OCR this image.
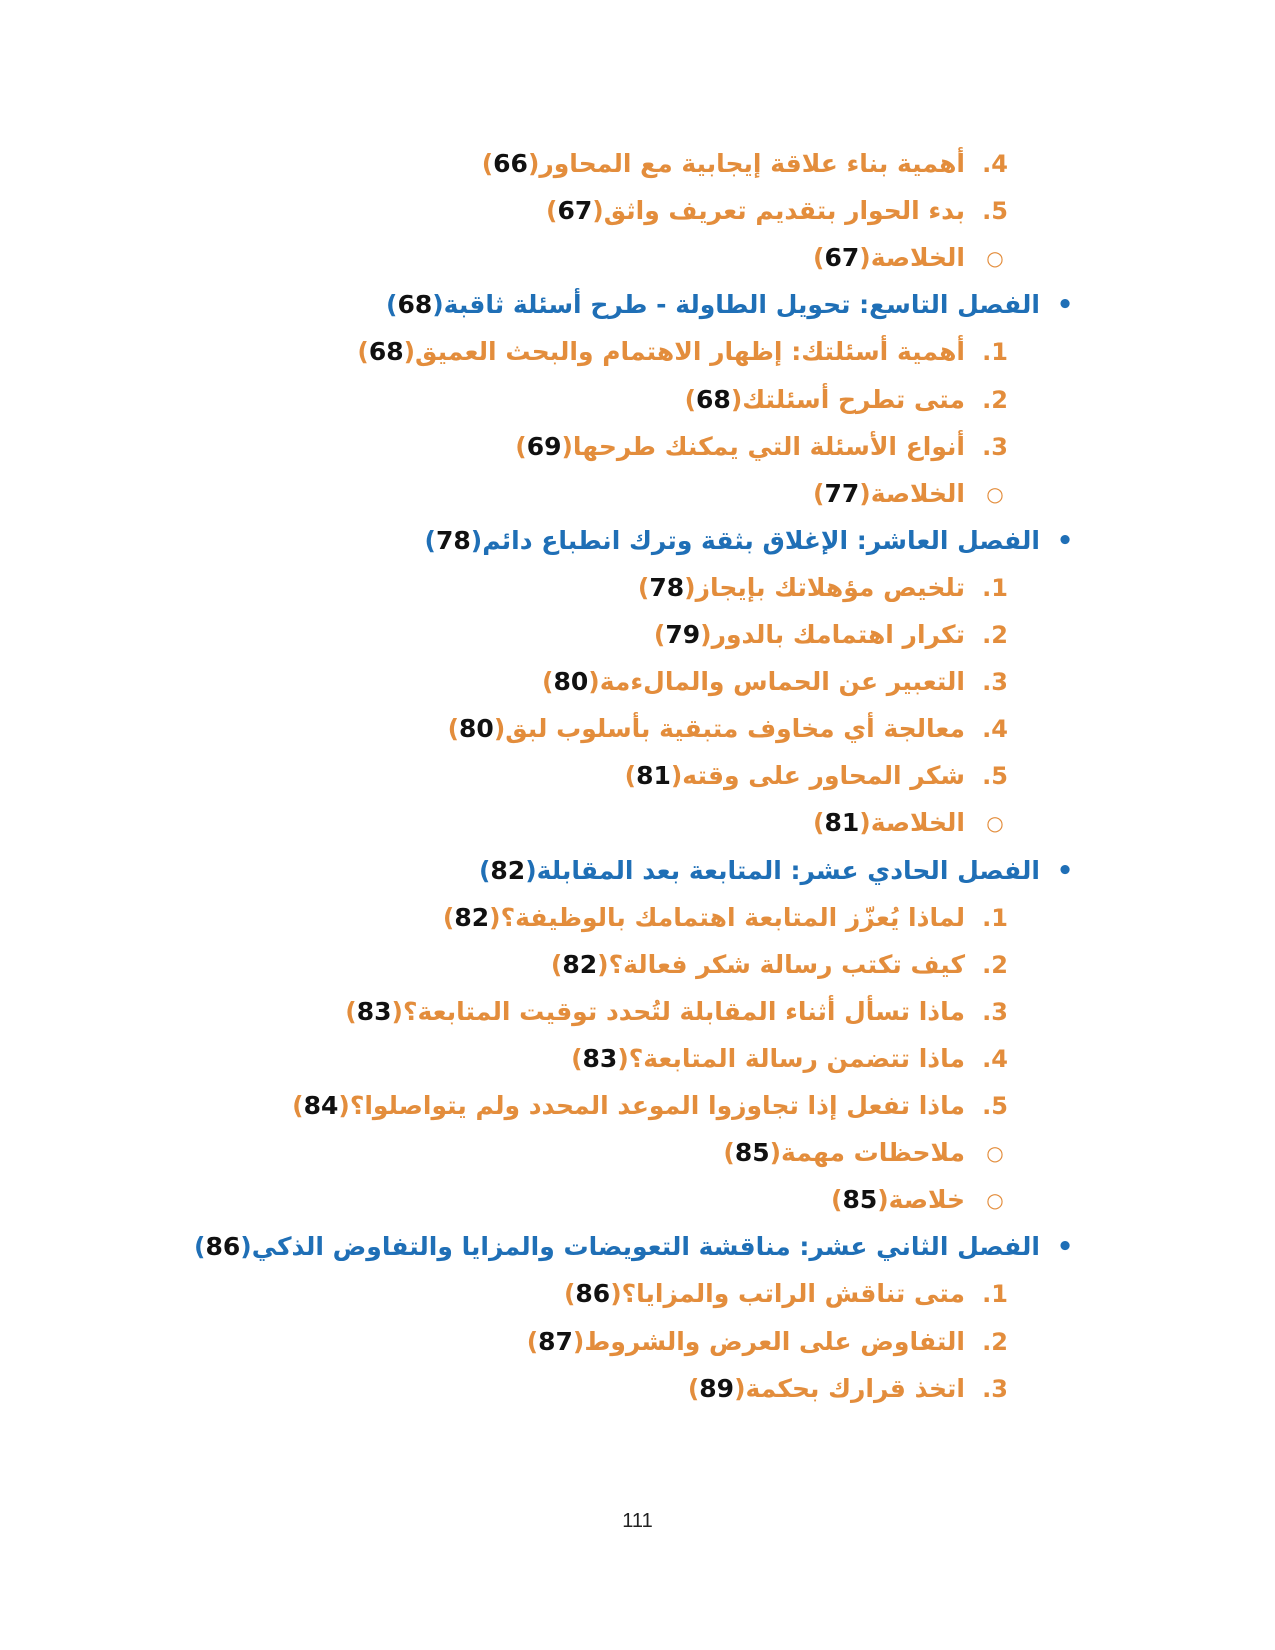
.4
أهمية بناء علاقة إيجابية مع المحاور(66)
.5
بدء الحوار بتقديم تعريف واثق(67)
○
الخلاصة(67)
•
الفصل التاسع: تحويل الطاولة - طرح أسئلة ثاقبة(68)
.1
أهمية أسئلتك: إظهار الاهتمام والبحث العميق(68)
.2
متى تطرح أسئلتك(68)
.3
أنواع الأسئلة التي يمكنك طرحها(69)
○
الخلاصة(77)
•
الفصل العاشر: الإغلاق بثقة وترك انطباع دائم(78)
.1
تلخيص مؤهلاتك بإيجاز(78)
.2
تكرار اهتمامك بالدور(79)
.3
التعبير عن الحماس والمالءمة(80)
.4
معالجة أي مخاوف متبقية بأسلوب لبق(80)
.5
شكر المحاور على وقته(81)
○
الخلاصة(81)
•
الفصل الحادي عشر: المتابعة بعد المقابلة(82)
.1
لماذا يُعزّز المتابعة اهتمامك بالوظيفة؟(82)
.2
كيف تكتب رسالة شكر فعالة؟(82)
.3
ماذا تسأل أثناء المقابلة لتُحدد توقيت المتابعة؟(83)
.4
ماذا تتضمن رسالة المتابعة؟(83)
.5
ماذا تفعل إذا تجاوزوا الموعد المحدد ولم يتواصلوا؟(84)
○
ملاحظات مهمة(85)
○
خلاصة(85)
•
الفصل الثاني عشر: مناقشة التعويضات والمزايا والتفاوض الذكي(86)
.1
متى تناقش الراتب والمزايا؟(86)
.2
التفاوض على العرض والشروط(87)
.3
اتخذ قرارك بحكمة(89)
111
